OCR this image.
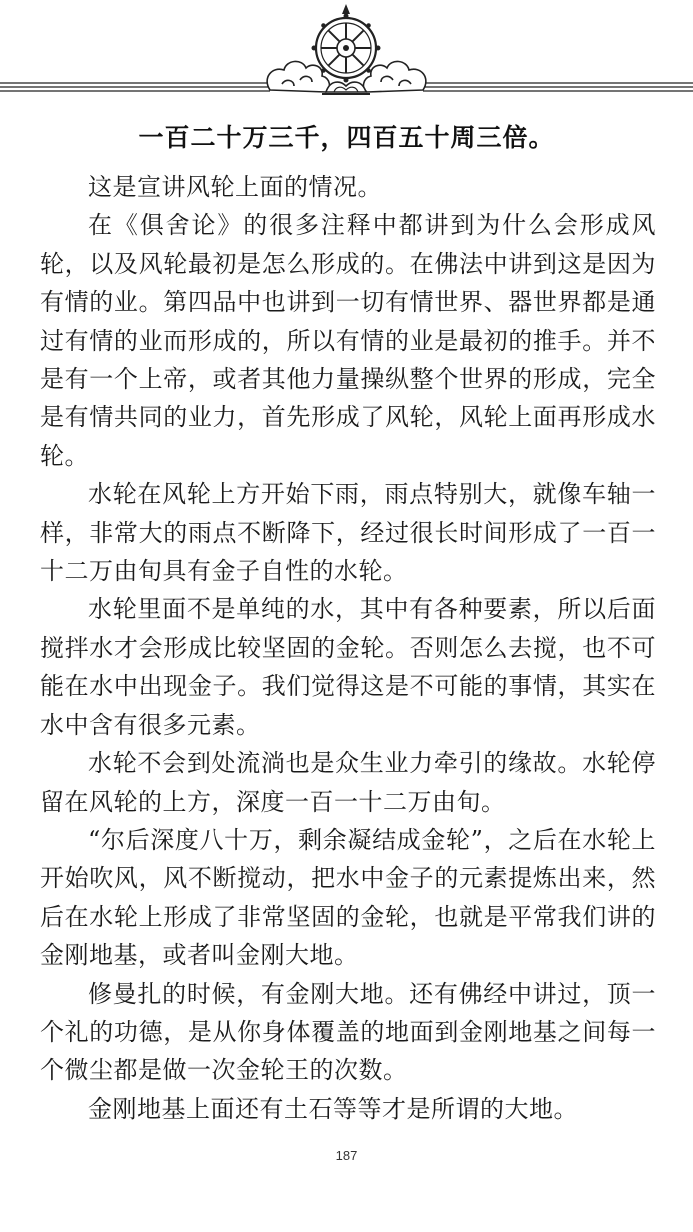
一百二十万三千，四百五十周三倍。

这是宣讲风轮上面的情况。

在《俱舍论》的很多注释中都讲到为什么会形成风轮，以及风轮最初是怎么形成的。在佛法中讲到这是因为有情的业。第四品中也讲到一切有情世界、器世界都是通过有情的业而形成的，所以有情的业是最初的推手。并不是有一个上帝，或者其他力量操纵整个世界的形成，完全是有情共同的业力，首先形成了风轮，风轮上面再形成水轮。

水轮在风轮上方开始下雨，雨点特别大，就像车轴一样，非常大的雨点不断降下，经过很长时间形成了一百一十二万由旬具有金子自性的水轮。

水轮里面不是单纯的水，其中有各种要素，所以后面搅拌水才会形成比较坚固的金轮。否则怎么去搅，也不可能在水中出现金子。我们觉得这是不可能的事情，其实在水中含有很多元素。

水轮不会到处流淌也是众生业力牵引的缘故。水轮停留在风轮的上方，深度一百一十二万由旬。

“尔后深度八十万，剩余凝结成金轮”，之后在水轮上开始吹风，风不断搅动，把水中金子的元素提炼出来，然后在水轮上形成了非常坚固的金轮，也就是平常我们讲的金刚地基，或者叫金刚大地。

修曼扎的时候，有金刚大地。还有佛经中讲过，顶一个礼的功德，是从你身体覆盖的地面到金刚地基之间每一个微尘都是做一次金轮王的次数。

金刚地基上面还有土石等等才是所谓的大地。

187
